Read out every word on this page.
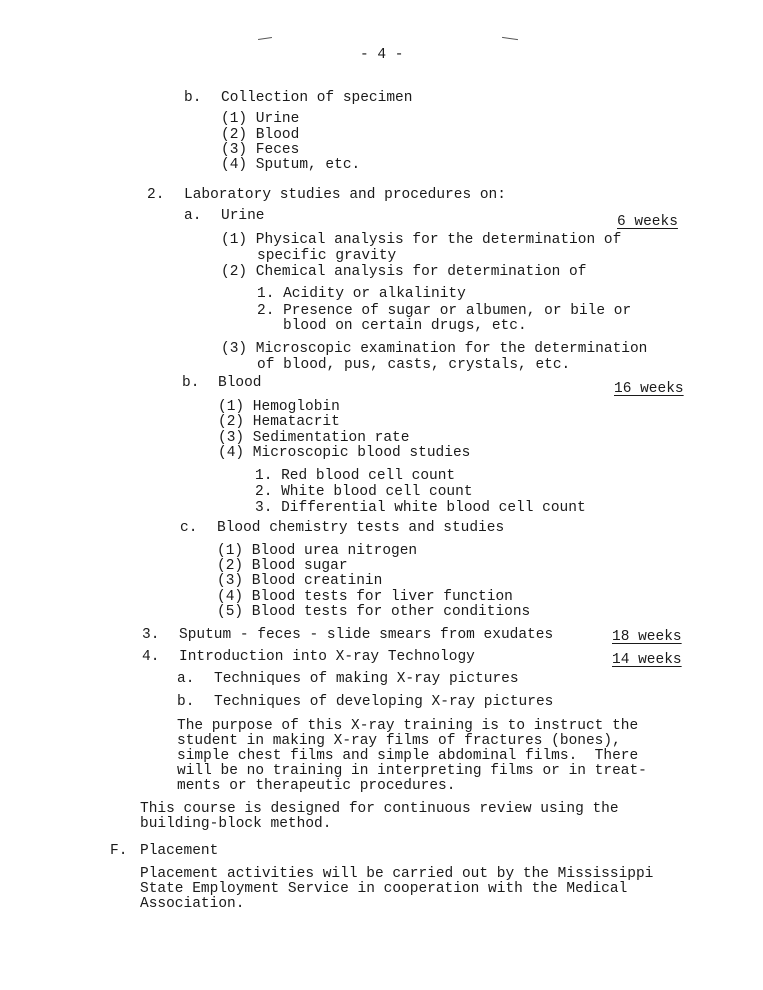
- 4 -
b. Collection of specimen
(1) Urine
(2) Blood
(3) Feces
(4) Sputum, etc.
2. Laboratory studies and procedures on:
a. Urine	6 weeks
(1) Physical analysis for the determination of
specific gravity
(2) Chemical analysis for determination of
1. Acidity or alkalinity
2. Presence of sugar or albumen, or bile or
blood on certain drugs, etc.
(3) Microscopic examination for the determination
of blood, pus, casts, crystals, etc.
b. Blood	16 weeks
(1) Hemoglobin
(2) Hematacrit
(3) Sedimentation rate
(4) Microscopic blood studies
1. Red blood cell count
2. White blood cell count
3. Differential white blood cell count
c. Blood chemistry tests and studies
(1) Blood urea nitrogen
(2) Blood sugar
(3) Blood creatinin
(4) Blood tests for liver function
(5) Blood tests for other conditions
3. Sputum - feces - slide smears from exudates	18 weeks
4. Introduction into X-ray Technology	14 weeks
a. Techniques of making X-ray pictures
b. Techniques of developing X-ray pictures
The purpose of this X-ray training is to instruct the
student in making X-ray films of fractures (bones),
simple chest films and simple abdominal films.  There
will be no training in interpreting films or in treat-
ments or therapeutic procedures.
This course is designed for continuous review using the
building-block method.
F. Placement
Placement activities will be carried out by the Mississippi
State Employment Service in cooperation with the Medical
Association.
